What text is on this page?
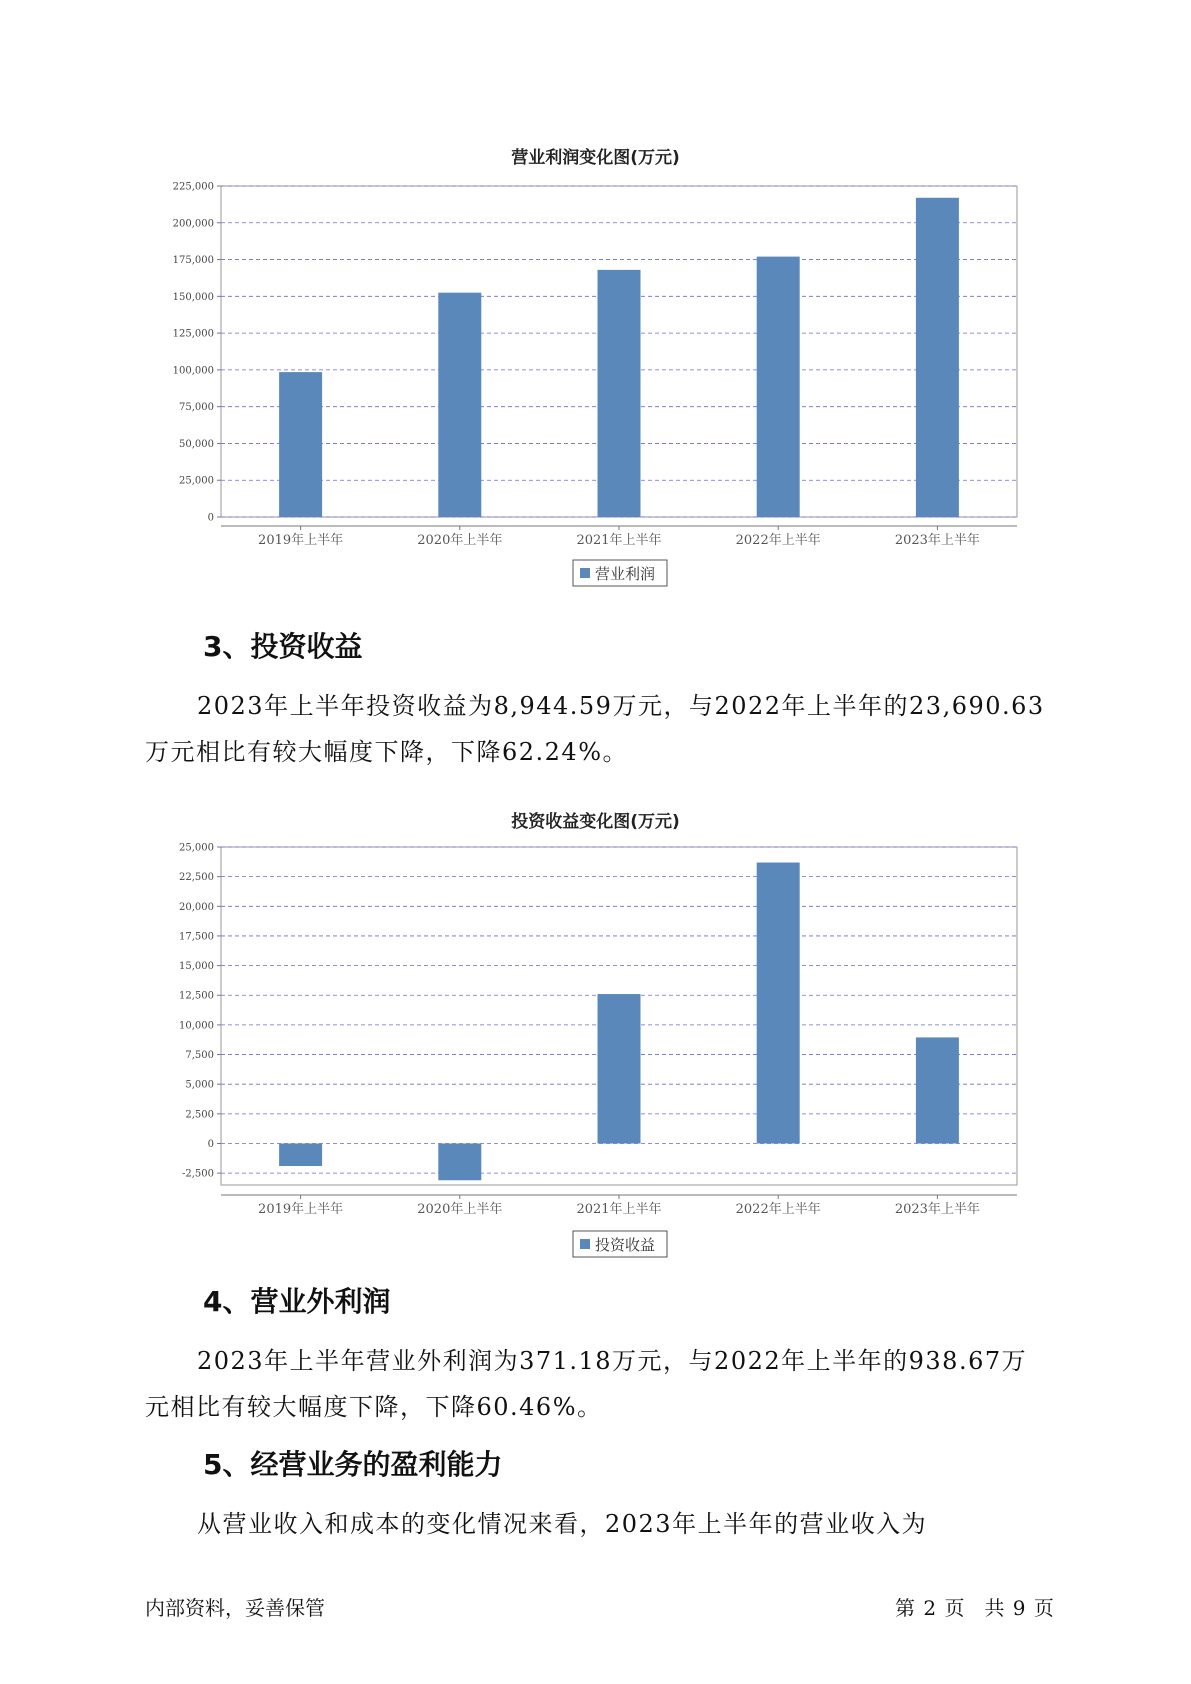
营业利润变化图(万元)
0
25,000
50,000
75,000
100,000
125,000
150,000
175,000
200,000
225,000
2019年上半年	2020年上半年	2021年上半年	2022年上半年	2023年上半年
营业利润
3、投资收益
2023年上半年投资收益为8,944.59万元，与2022年上半年的23,690.63
万元相比有较大幅度下降，下降62.24%。
投资收益变化图(万元)
-2,500
0
2,500
5,000
7,500
10,000
12,500
15,000
17,500
20,000
22,500
25,000
2019年上半年	2020年上半年	2021年上半年	2022年上半年	2023年上半年
投资收益
4、营业外利润
2023年上半年营业外利润为371.18万元，与2022年上半年的938.67万
元相比有较大幅度下降，下降60.46%。
5、经营业务的盈利能力
从营业收入和成本的变化情况来看，2023年上半年的营业收入为
内部资料，妥善保管	第 2 页　共 9 页
